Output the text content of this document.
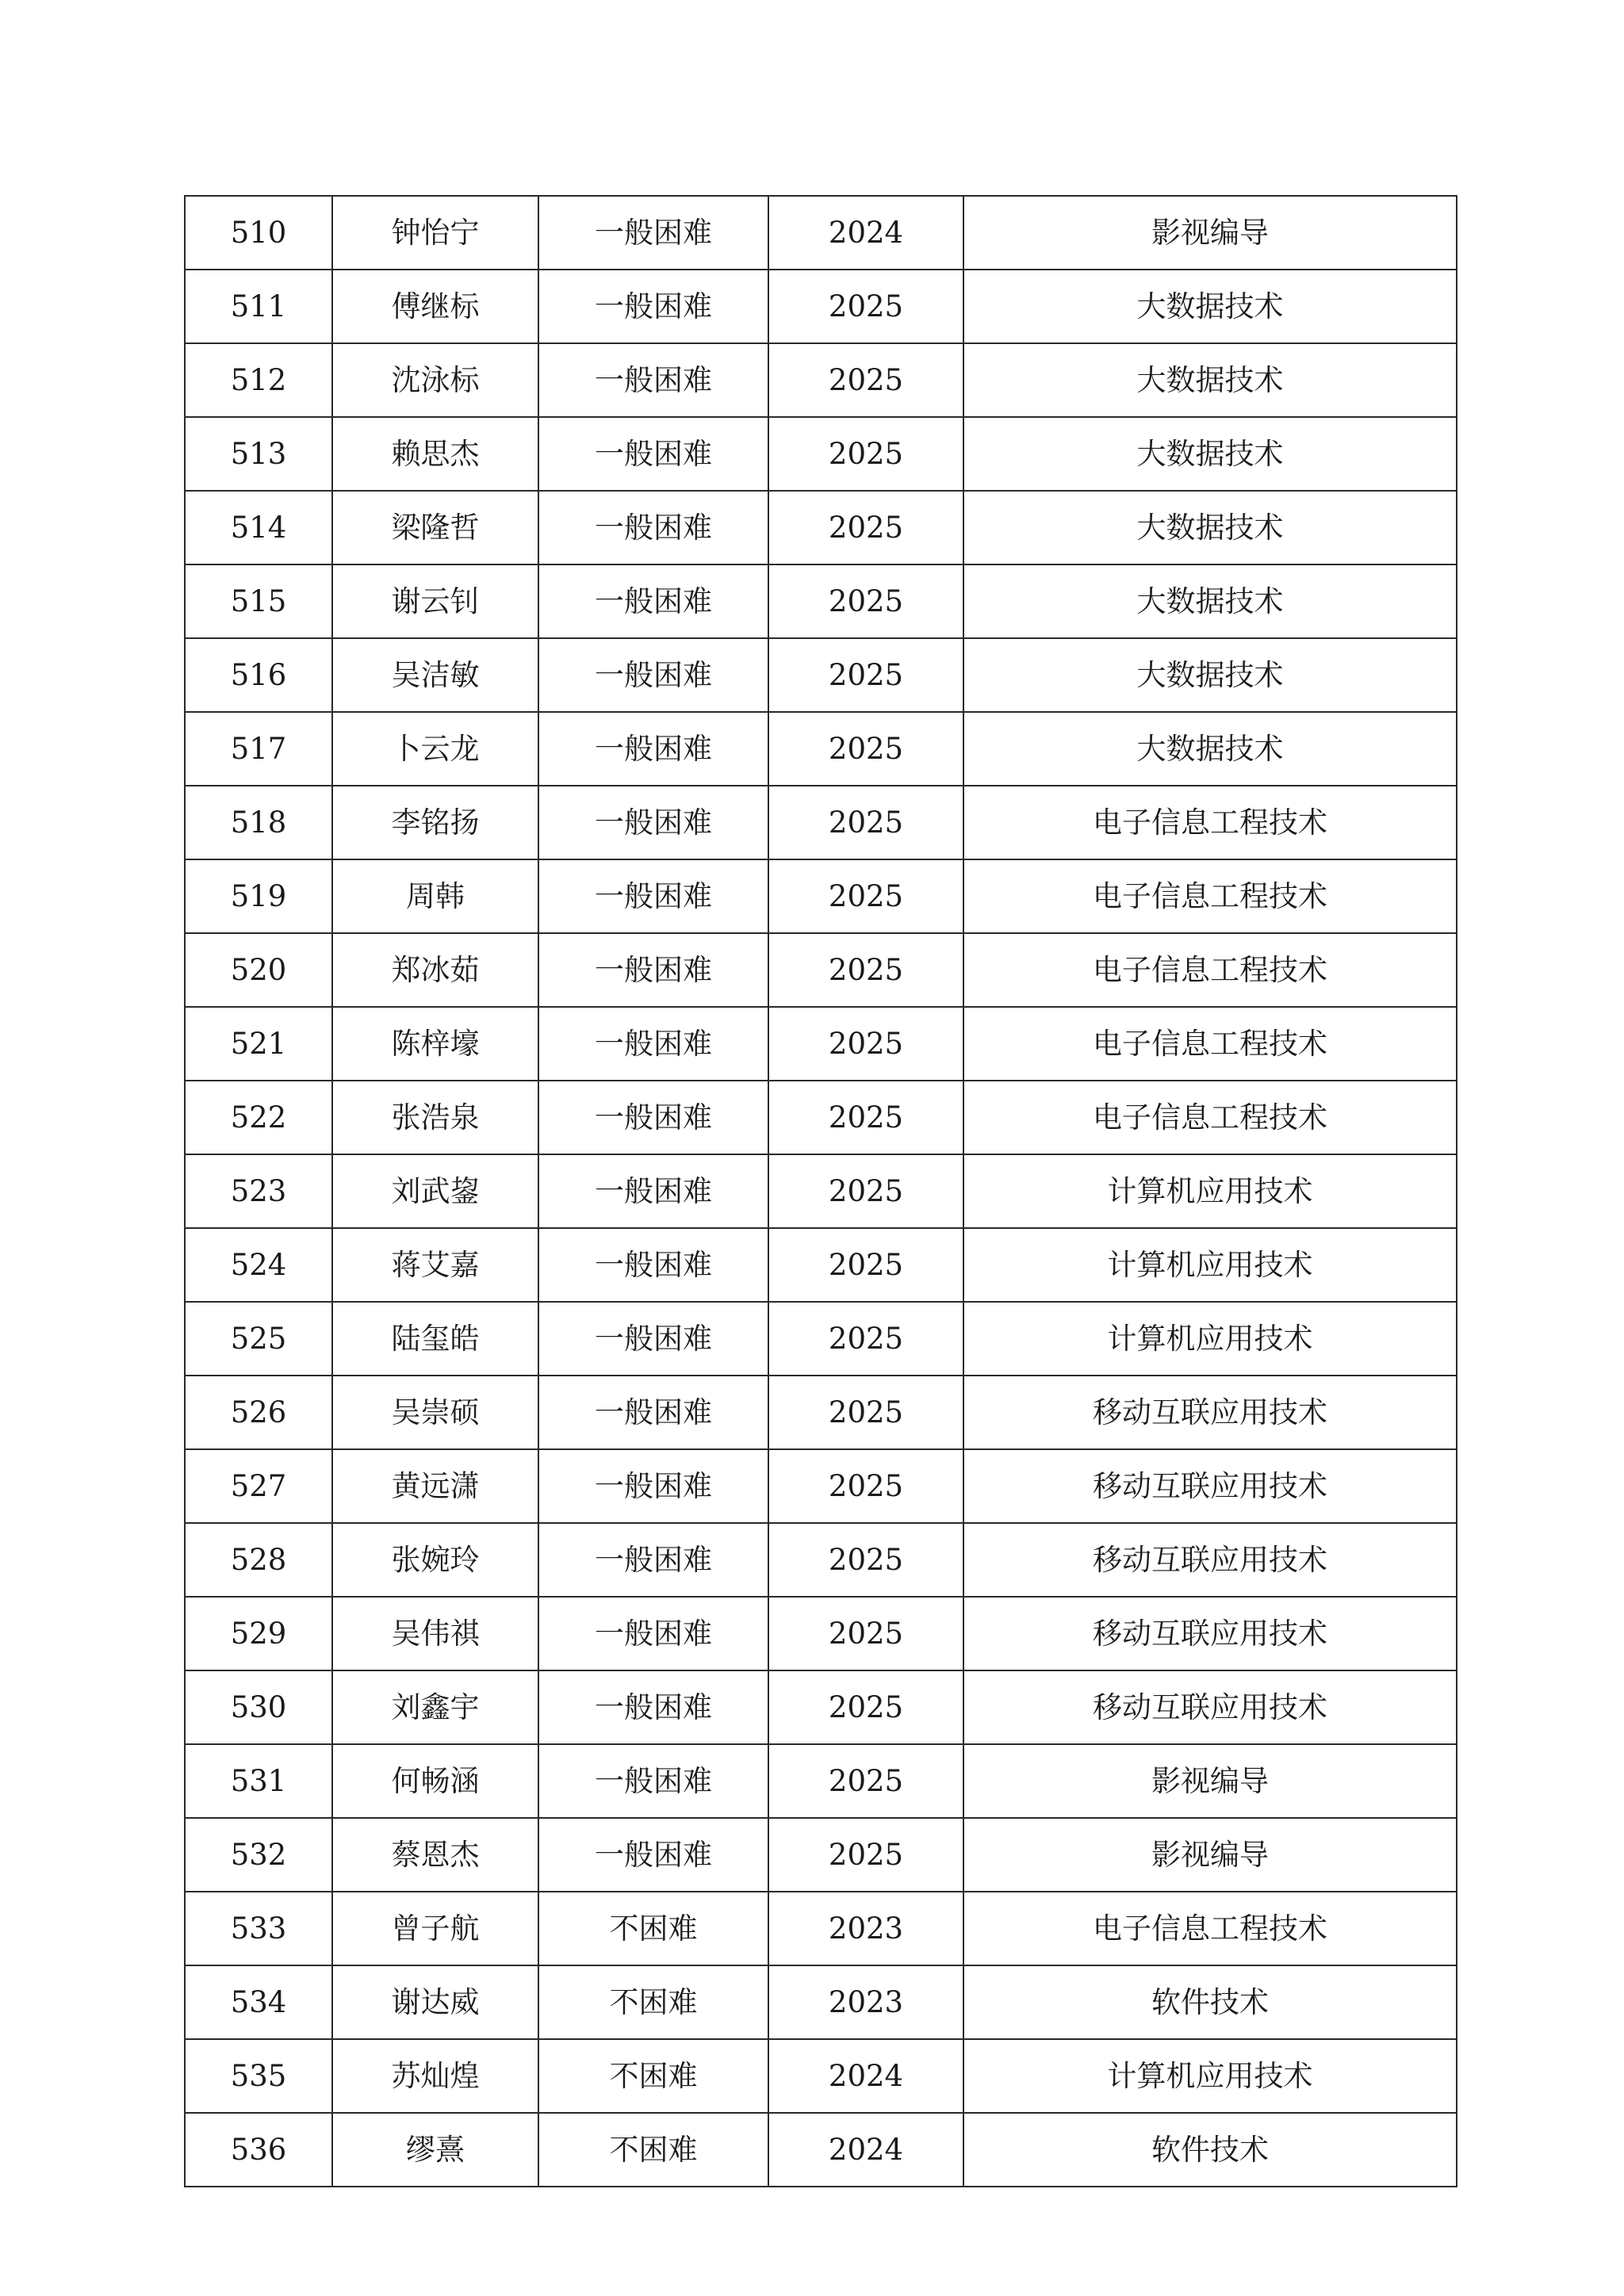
510	钟怡宁	一般困难	2024	影视编导
511	傅继标	一般困难	2025	大数据技术
512	沈泳标	一般困难	2025	大数据技术
513	赖思杰	一般困难	2025	大数据技术
514	梁隆哲	一般困难	2025	大数据技术
515	谢云钊	一般困难	2025	大数据技术
516	吴洁敏	一般困难	2025	大数据技术
517	卜云龙	一般困难	2025	大数据技术
518	李铭扬	一般困难	2025	电子信息工程技术
519	周韩	一般困难	2025	电子信息工程技术
520	郑冰茹	一般困难	2025	电子信息工程技术
521	陈梓壕	一般困难	2025	电子信息工程技术
522	张浩泉	一般困难	2025	电子信息工程技术
523	刘武鋆	一般困难	2025	计算机应用技术
524	蒋艾嘉	一般困难	2025	计算机应用技术
525	陆玺皓	一般困难	2025	计算机应用技术
526	吴崇硕	一般困难	2025	移动互联应用技术
527	黄远潇	一般困难	2025	移动互联应用技术
528	张婉玲	一般困难	2025	移动互联应用技术
529	吴伟祺	一般困难	2025	移动互联应用技术
530	刘鑫宇	一般困难	2025	移动互联应用技术
531	何畅涵	一般困难	2025	影视编导
532	蔡恩杰	一般困难	2025	影视编导
533	曾子航	不困难	2023	电子信息工程技术
534	谢达威	不困难	2023	软件技术
535	苏灿煌	不困难	2024	计算机应用技术
536	缪熹	不困难	2024	软件技术
